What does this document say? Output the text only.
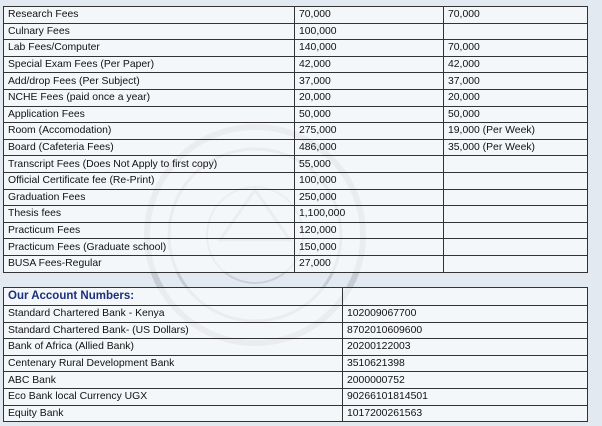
Research Fees	70,000	70,000
Culnary Fees	100,000	
Lab Fees/Computer	140,000	70,000
Special Exam Fees (Per Paper)	42,000	42,000
Add/drop Fees (Per Subject)	37,000	37,000
NCHE Fees (paid once a year)	20,000	20,000
Application Fees	50,000	50,000
Room (Accomodation)	275,000	19,000 (Per Week)
Board (Cafeteria Fees)	486,000	35,000 (Per Week)
Transcript Fees (Does Not Apply to first copy)	55,000	
Official Certificate fee (Re-Print)	100,000	
Graduation Fees	250,000	
Thesis fees	1,100,000	
Practicum Fees	120,000	
Practicum Fees (Graduate school)	150,000	
BUSA Fees-Regular	27,000	
Our Account Numbers:	
Standard Chartered Bank - Kenya	102009067700
Standard Chartered Bank- (US Dollars)	8702010609600
Bank of Africa (Allied Bank)	20200122003
Centenary Rural Development Bank	3510621398
ABC Bank	2000000752
Eco Bank local Currency UGX	90266101814501
Equity Bank	1017200261563
